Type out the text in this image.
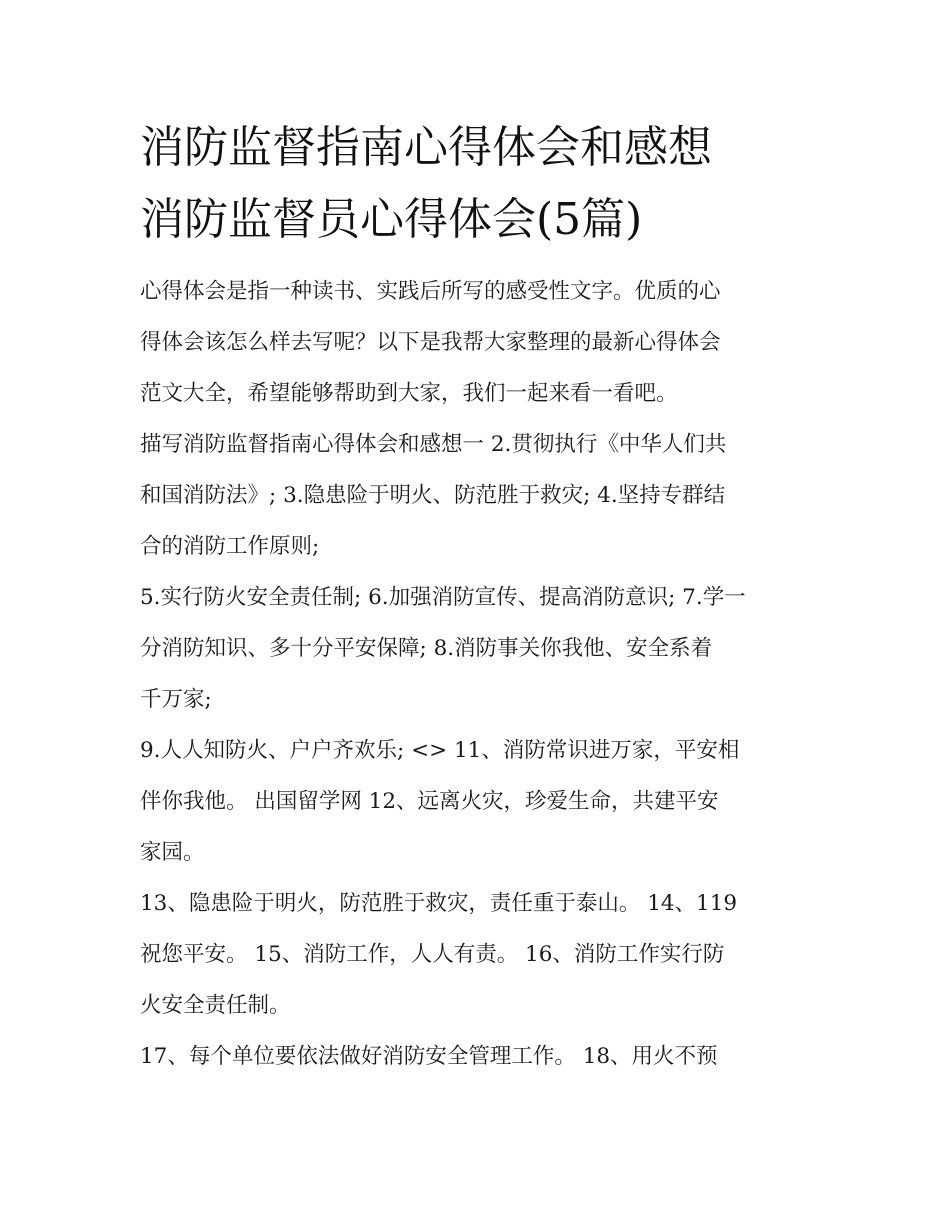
消防监督指南心得体会和感想
消防监督员心得体会(5篇)

心得体会是指一种读书、实践后所写的感受性文字。优质的心
得体会该怎么样去写呢？以下是我帮大家整理的最新心得体会
范文大全，希望能够帮助到大家，我们一起来看一看吧。

描写消防监督指南心得体会和感想一 2.贯彻执行《中华人们共
和国消防法》; 3.隐患险于明火、防范胜于救灾; 4.坚持专群结
合的消防工作原则;

5.实行防火安全责任制; 6.加强消防宣传、提高消防意识; 7.学一
分消防知识、多十分平安保障; 8.消防事关你我他、安全系着
千万家;

9.人人知防火、户户齐欢乐; <> 11、消防常识进万家，平安相
伴你我他。 出国留学网 12、远离火灾，珍爱生命，共建平安
家园。

13、隐患险于明火，防范胜于救灾，责任重于泰山。 14、119
祝您平安。 15、消防工作，人人有责。 16、消防工作实行防
火安全责任制。

17、每个单位要依法做好消防安全管理工作。 18、用火不预
